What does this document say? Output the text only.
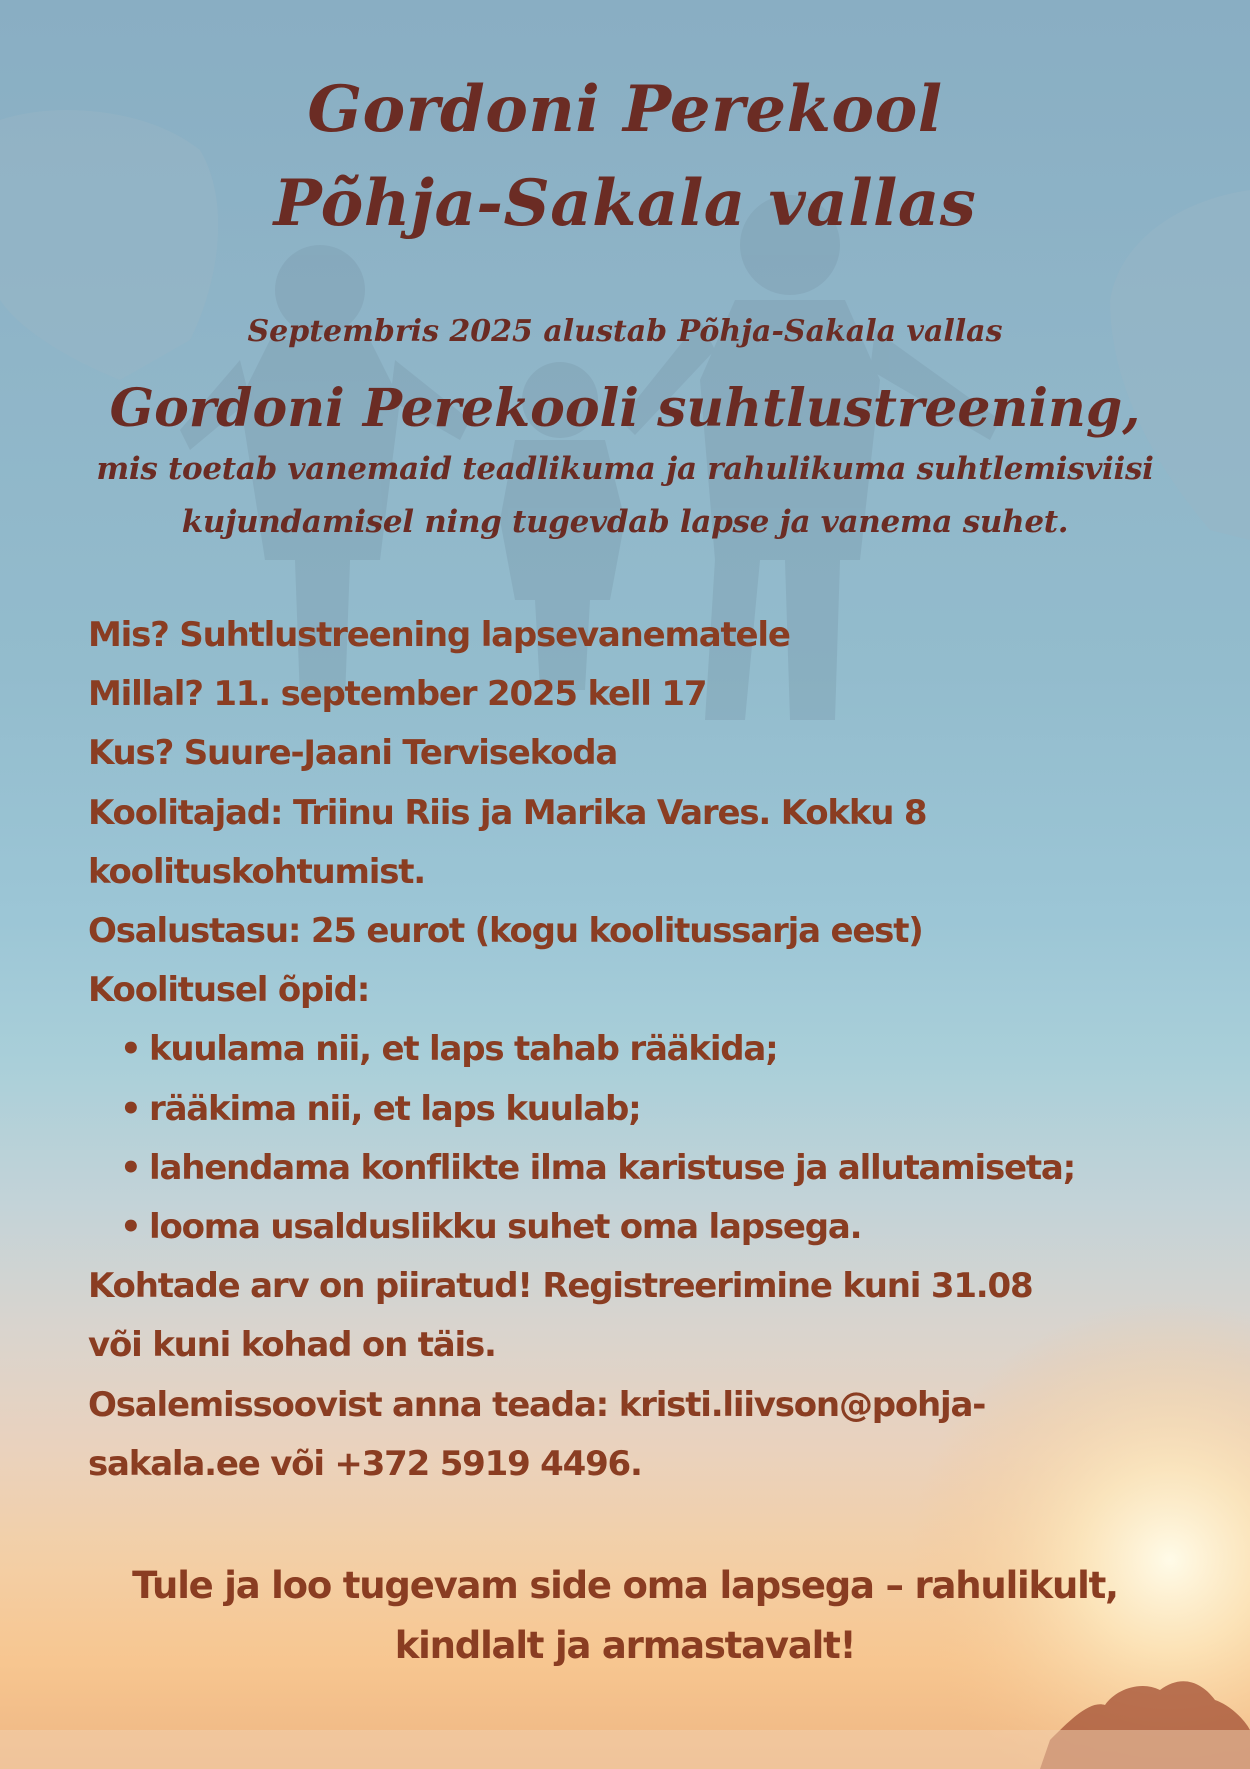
Gordoni Perekool
Põhja-Sakala vallas

Septembris 2025 alustab Põhja-Sakala vallas

Gordoni Perekooli suhtlustreening,

mis toetab vanemaid teadlikuma ja rahulikuma suhtlemisviisi

kujundamisel ning tugevdab lapse ja vanema suhet.

Mis? Suhtlustreening lapsevanematele

Millal? 11. september 2025 kell 17

Kus? Suure-Jaani Tervisekoda

Koolitajad: Triinu Riis ja Marika Vares. Kokku 8

koolituskohtumist.

Osalustasu: 25 eurot (kogu koolitussarja eest)

Koolitusel õpid:

• kuulama nii, et laps tahab rääkida;
• rääkima nii, et laps kuulab;
• lahendama konflikte ilma karistuse ja allutamiseta;
• looma usalduslikku suhet oma lapsega.

Kohtade arv on piiratud! Registreerimine kuni 31.08

või kuni kohad on täis.

Osalemissoovist anna teada: kristi.liivson@pohja-

sakala.ee või +372 5919 4496.

Tule ja loo tugevam side oma lapsega – rahulikult,

kindlalt ja armastavalt!
